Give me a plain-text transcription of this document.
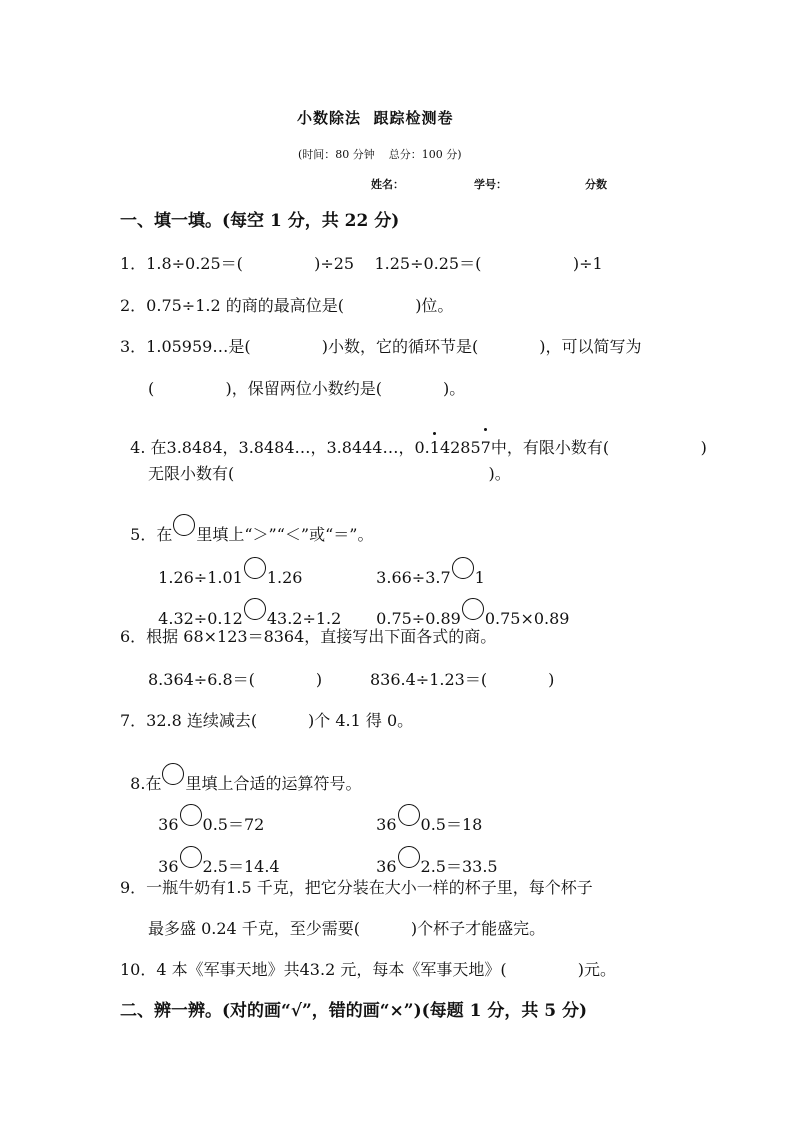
小数除法  跟踪检测卷
(时间：80 分钟    总分：100 分)
姓名：	学号：	分数
一、填一填。(每空 1 分，共 22 分)
1．1.8÷0.25＝(              )÷25    1.25÷0.25＝(                  )÷1
2．0.75÷1.2 的商的最高位是(              )位。
3．1.05959…是(              )小数，它的循环节是(            )，可以简写为
(              )，保留两位小数约是(            )。

4. 在3.8484，3.8484…，3.8444…，0.1
42857
中，有限小数有(                  )

无限小数有(                                                  )。

5．在 里填上“＞”“＜”或“＝”。

1.26÷1.01 1.26	3.66÷3.7 1

4.32÷0.12 43.2÷1.2	0.75÷0.89 0.75×0.89

6．根据 68×123＝8364，直接写出下面各式的商。
8.364÷6.8＝(            )	836.4÷1.23＝(            )
7．32.8 连续减去(          )个 4.1 得 0。

8.在 里填上合适的运算符号。

36 0.5＝72	36 0.5＝18

36 2.5＝14.4	36 2.5＝33.5

9．一瓶牛奶有1.5 千克，把它分装在大小一样的杯子里，每个杯子
最多盛 0.24 千克，至少需要(          )个杯子才能盛完。
10．4 本《军事天地》共43.2 元，每本《军事天地》(              )元。
二、辨一辨。(对的画“√”，错的画“×”)(每题 1 分，共 5 分)
